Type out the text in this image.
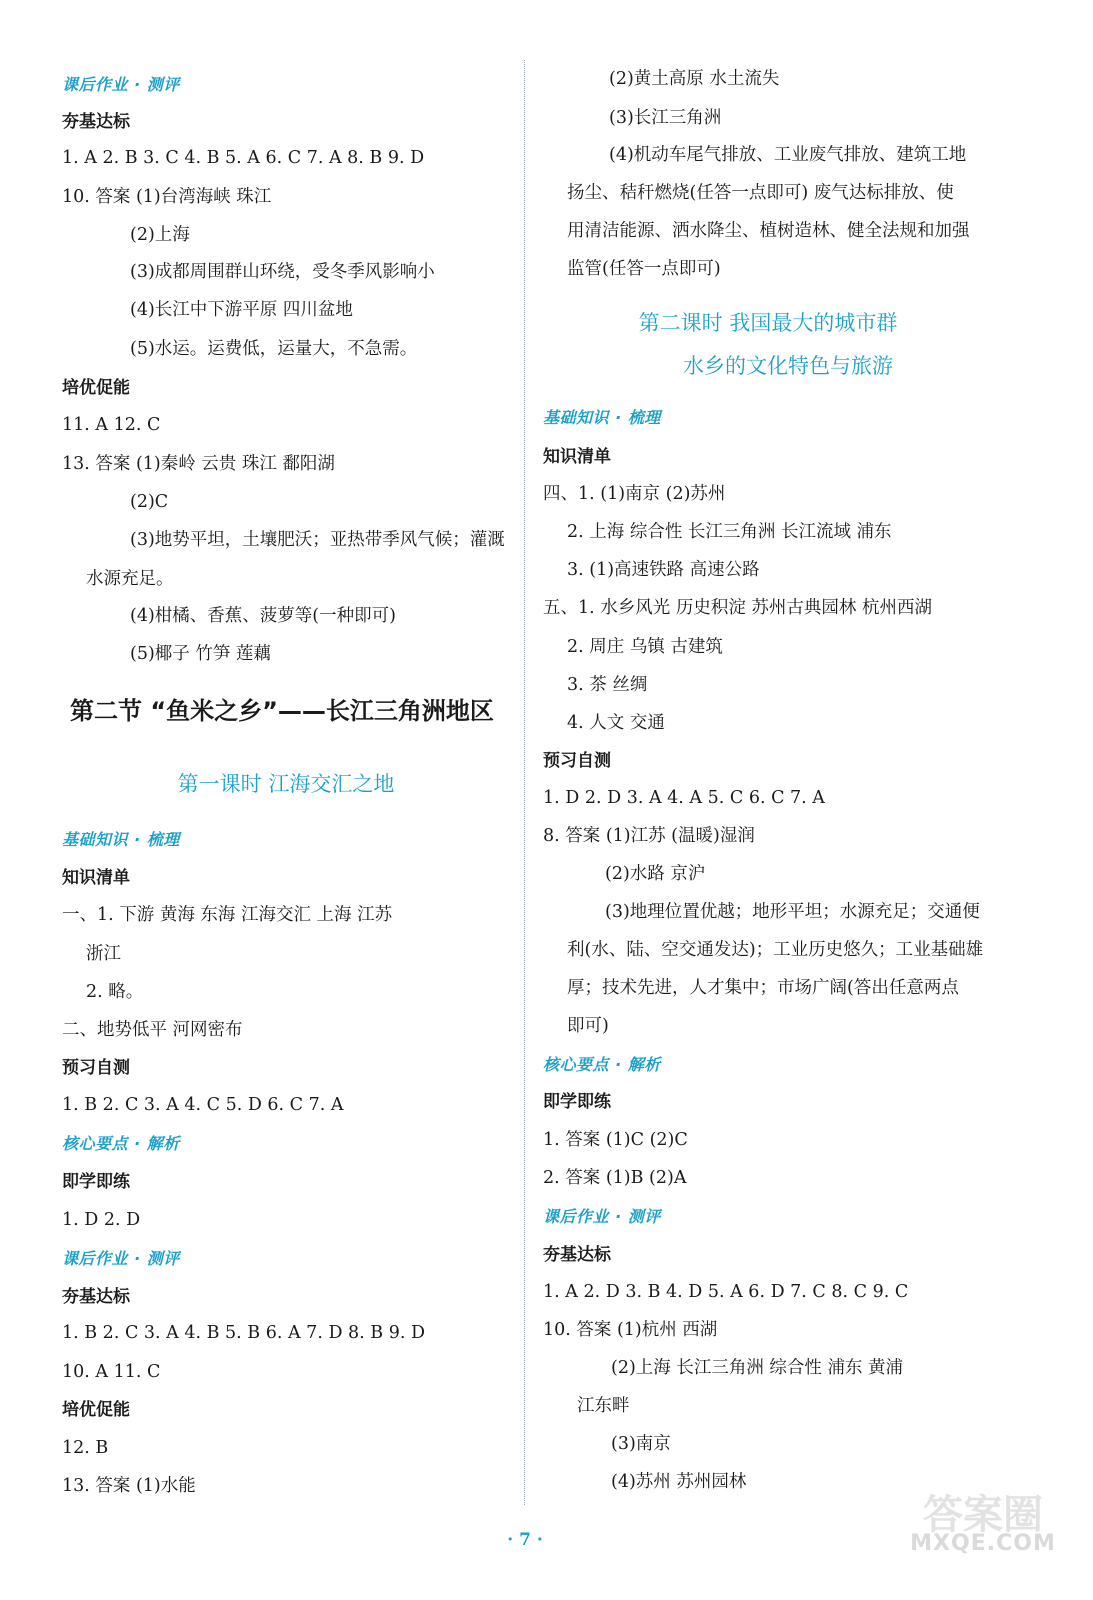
课后作业 · 测评
夯基达标
1. A 2. B 3. C 4. B 5. A 6. C 7. A 8. B 9. D
10. 答案 (1)台湾海峡 珠江
(2)上海
(3)成都周围群山环绕，受冬季风影响小
(4)长江中下游平原 四川盆地
(5)水运。运费低，运量大，不急需。
培优促能
11. A 12. C
13. 答案 (1)秦岭 云贵 珠江 鄱阳湖
(2)C
(3)地势平坦，土壤肥沃；亚热带季风气候；灌溉
水源充足。
(4)柑橘、香蕉、菠萝等(一种即可)
(5)椰子 竹笋 莲藕
第二节 “鱼米之乡”——长江三角洲地区
第一课时 江海交汇之地
基础知识 · 梳理
知识清单
一、1. 下游 黄海 东海 江海交汇 上海 江苏
浙江
2. 略。
二、地势低平 河网密布
预习自测
1. B 2. C 3. A 4. C 5. D 6. C 7. A
核心要点 · 解析
即学即练
1. D 2. D
课后作业 · 测评
夯基达标
1. B 2. C 3. A 4. B 5. B 6. A 7. D 8. B 9. D
10. A 11. C
培优促能
12. B
13. 答案 (1)水能
(2)黄土高原 水土流失
(3)长江三角洲
(4)机动车尾气排放、工业废气排放、建筑工地
扬尘、秸秆燃烧(任答一点即可) 废气达标排放、使
用清洁能源、洒水降尘、植树造林、健全法规和加强
监管(任答一点即可)
第二课时 我国最大的城市群
水乡的文化特色与旅游
基础知识 · 梳理
知识清单
四、1. (1)南京 (2)苏州
2. 上海 综合性 长江三角洲 长江流域 浦东
3. (1)高速铁路 高速公路
五、1. 水乡风光 历史积淀 苏州古典园林 杭州西湖
2. 周庄 乌镇 古建筑
3. 茶 丝绸
4. 人文 交通
预习自测
1. D 2. D 3. A 4. A 5. C 6. C 7. A
8. 答案 (1)江苏 (温暖)湿润
(2)水路 京沪
(3)地理位置优越；地形平坦；水源充足；交通便
利(水、陆、空交通发达)；工业历史悠久；工业基础雄
厚；技术先进，人才集中；市场广阔(答出任意两点
即可)
核心要点 · 解析
即学即练
1. 答案 (1)C (2)C
2. 答案 (1)B (2)A
课后作业 · 测评
夯基达标
1. A 2. D 3. B 4. D 5. A 6. D 7. C 8. C 9. C
10. 答案 (1)杭州 西湖
(2)上海 长江三角洲 综合性 浦东 黄浦
江东畔
(3)南京
(4)苏州 苏州园林
· 7 ·
答案圈
MXQE.COM
